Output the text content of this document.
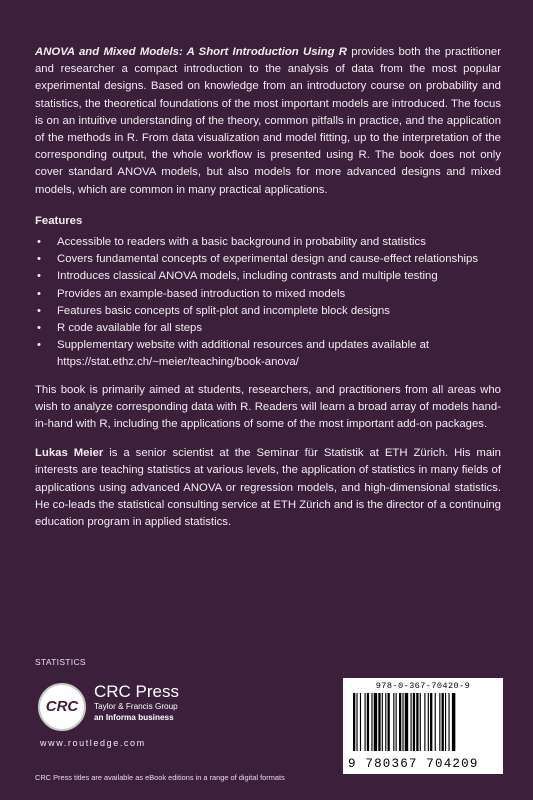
ANOVA and Mixed Models: A Short Introduction Using R provides both the practitioner and researcher a compact introduction to the analysis of data from the most popular experimental designs. Based on knowledge from an introductory course on probability and statistics, the theoretical foundations of the most important models are introduced. The focus is on an intuitive understanding of the theory, common pitfalls in practice, and the application of the methods in R. From data visualization and model fitting, up to the interpretation of the corresponding output, the whole workflow is presented using R. The book does not only cover standard ANOVA models, but also models for more advanced designs and mixed models, which are common in many practical applications.

Features
• Accessible to readers with a basic background in probability and statistics
• Covers fundamental concepts of experimental design and cause-effect relationships
• Introduces classical ANOVA models, including contrasts and multiple testing
• Provides an example-based introduction to mixed models
• Features basic concepts of split-plot and incomplete block designs
• R code available for all steps
• Supplementary website with additional resources and updates available at https://stat.ethz.ch/~meier/teaching/book-anova/

This book is primarily aimed at students, researchers, and practitioners from all areas who wish to analyze corresponding data with R. Readers will learn a broad array of models hand-in-hand with R, including the applications of some of the most important add-on packages.

Lukas Meier is a senior scientist at the Seminar für Statistik at ETH Zürich. His main interests are teaching statistics at various levels, the application of statistics in many fields of applications using advanced ANOVA or regression models, and high-dimensional statistics. He co-leads the statistical consulting service at ETH Zürich and is the director of a continuing education program in applied statistics.

STATISTICS
CRC
CRC Press
Taylor & Francis Group
an Informa business
www.routledge.com
CRC Press titles are available as eBook editions in a range of digital formats
978-0-367-70420-9
9 780367 704209
